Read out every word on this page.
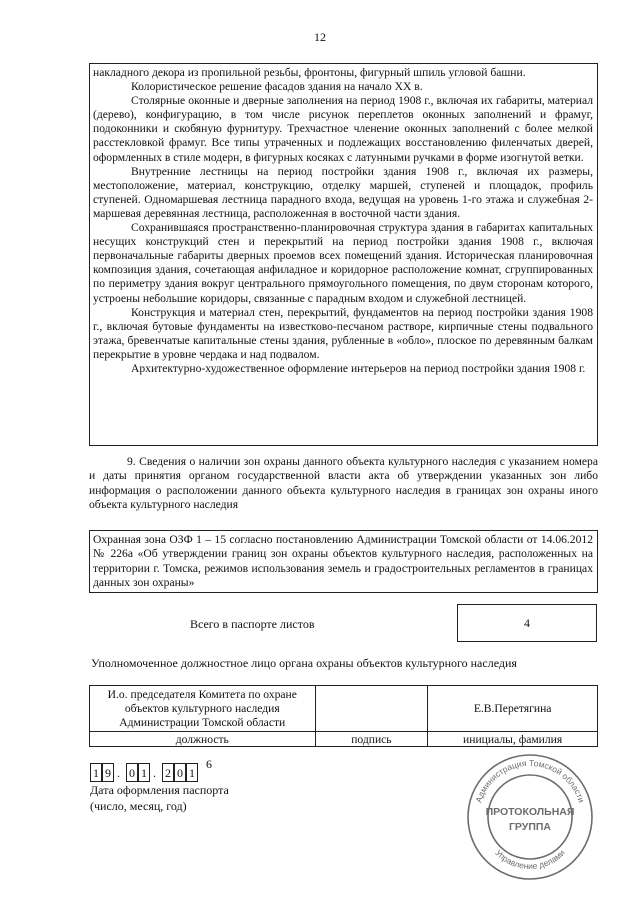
12

накладного декора из пропильной резьбы, фронтоны, фигурный шпиль угловой башни.

Колористическое решение фасадов здания на начало XX в.

Столярные оконные и дверные заполнения на период 1908 г., включая их габариты, материал (дерево), конфигурацию, в том числе рисунок переплетов оконных заполнений и фрамуг, подоконники и скобяную фурнитуру. Трехчастное членение оконных заполнений с более мелкой расстекловкой фрамуг. Все типы утраченных и подлежащих восстановлению филенчатых дверей, оформленных в стиле модерн, в фигурных косяках с латунными ручками в форме изогнутой ветки.

Внутренние лестницы на период постройки здания 1908 г., включая их размеры, местоположение, материал, конструкцию, отделку маршей, ступеней и площадок, профиль ступеней. Одномаршевая лестница парадного входа, ведущая на уровень 1-го этажа и служебная 2-маршевая деревянная лестница, расположенная в восточной части здания.

Сохранившаяся пространственно-планировочная структура здания в габаритах капитальных несущих конструкций стен и перекрытий на период постройки здания 1908 г., включая первоначальные габариты дверных проемов всех помещений здания. Историческая планировочная композиция здания, сочетающая анфиладное и коридорное расположение комнат, сгруппированных по периметру здания вокруг центрального прямоугольного помещения, по двум сторонам которого, устроены небольшие коридоры, связанные с парадным входом и служебной лестницей.

Конструкция и материал стен, перекрытий, фундаментов на период постройки здания 1908 г., включая бутовые фундаменты на известково-песчаном растворе, кирпичные стены подвального этажа, бревенчатые капитальные стены здания, рубленные в «обло», плоское по деревянным балкам перекрытие в уровне чердака и над подвалом.

Архитектурно-художественное оформление интерьеров на период постройки здания 1908 г.

9. Сведения о наличии зон охраны данного объекта культурного наследия с указанием номера и даты принятия органом государственной власти акта об утверждении указанных зон либо информация о расположении данного объекта культурного наследия в границах зон охраны иного объекта культурного наследия

Охранная зона ОЗФ 1 – 15 согласно постановлению Администрации Томской области от 14.06.2012 № 226а «Об утверждении границ зон охраны объектов культурного наследия, расположенных на территории г. Томска, режимов использования земель и градостроительных регламентов в границах данных зон охраны»

Всего в паспорте листов	4
Уполномоченное должностное лицо органа охраны объектов культурного наследия
И.о. председателя Комитета по охране
объектов культурного наследия
Администрации Томской области		Е.В.Перетягина
должность	подпись	инициалы, фамилия
1 9 . 0 1 . 2 0 1
6
Дата оформления паспорта
(число, месяц, год)	Администрация Томской области
Управление делами
ПРОТОКОЛЬНАЯ
ГРУППА
